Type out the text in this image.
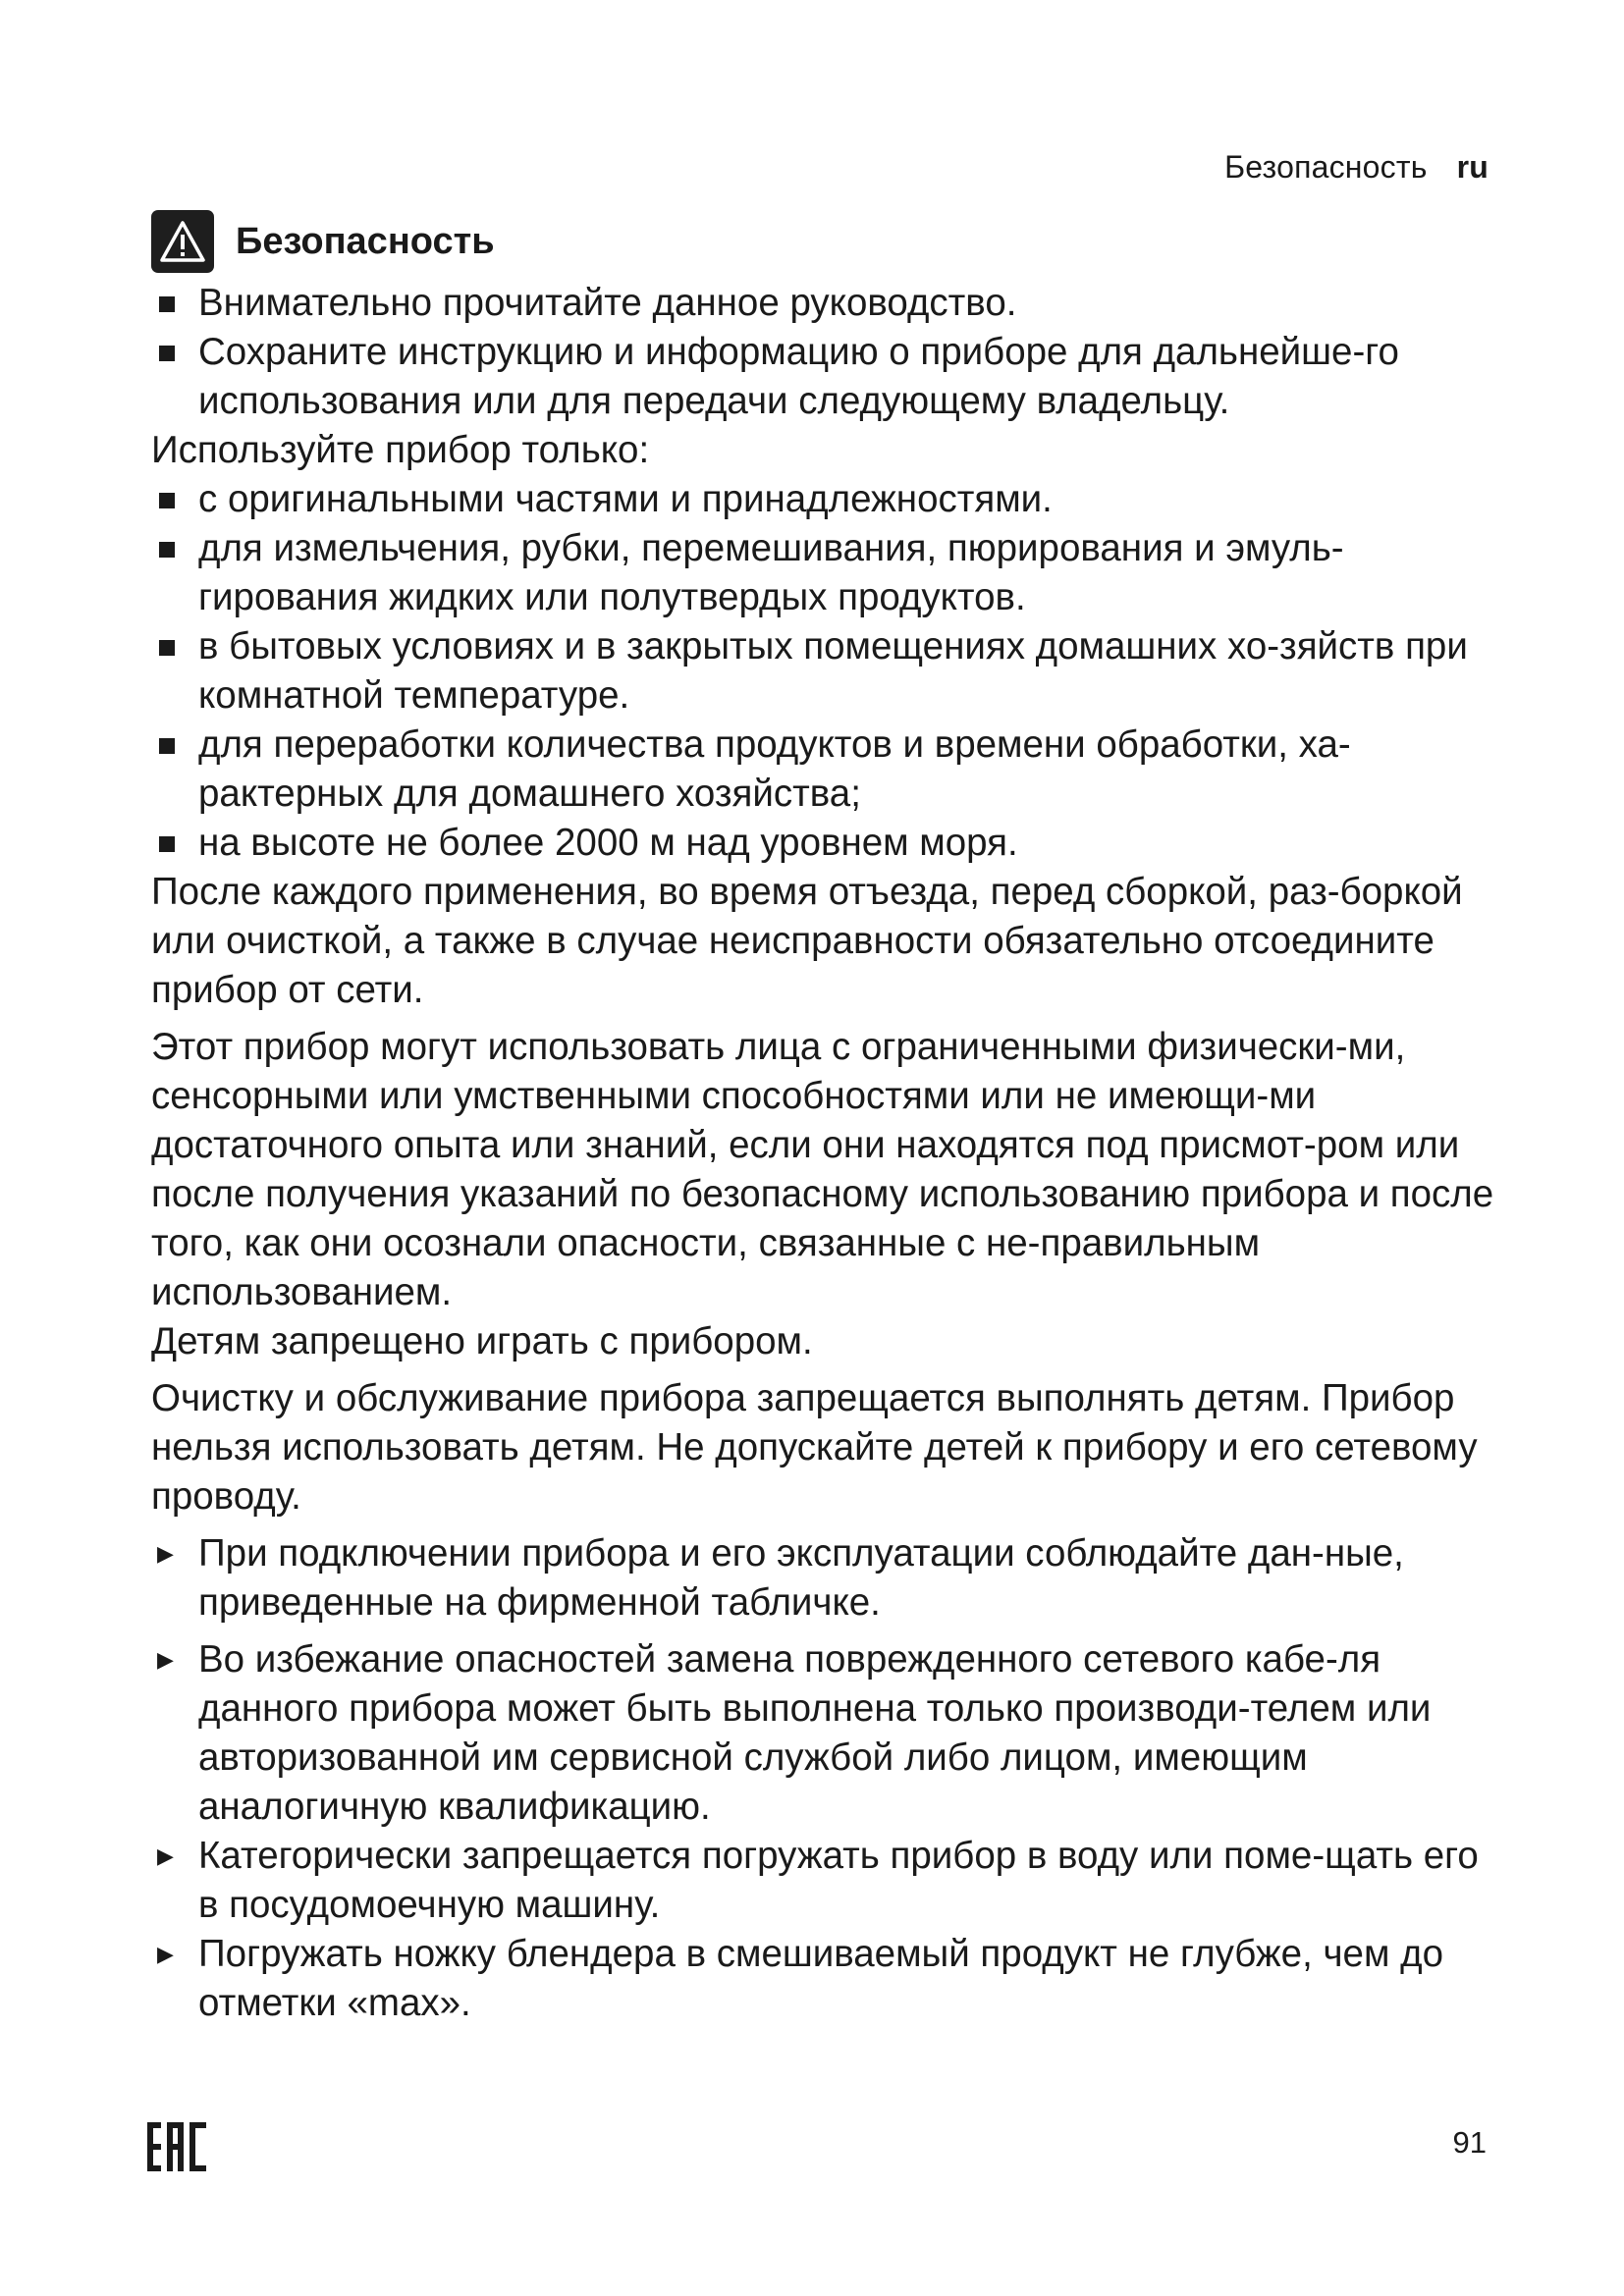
Безопасность ru
Безопасность
Внимательно прочитайте данное руководство.
Сохраните инструкцию и информацию о приборе для дальнейше-го использования или для передачи следующему владельцу.

Используйте прибор только:

с оригинальными частями и принадлежностями.
для измельчения, рубки, перемешивания, пюрирования и эмуль-гирования жидких или полутвердых продуктов.
в бытовых условиях и в закрытых помещениях домашних хо-зяйств при комнатной температуре.
для переработки количества продуктов и времени обработки, ха-рактерных для домашнего хозяйства;
на высоте не более 2000 м над уровнем моря.

После каждого применения, во время отъезда, перед сборкой, раз-боркой или очисткой, а также в случае неисправности обязательно отсоедините прибор от сети.

Этот прибор могут использовать лица с ограниченными физически-ми, сенсорными или умственными способностями или не имеющи-ми достаточного опыта или знаний, если они находятся под присмот-ром или после получения указаний по безопасному использованию прибора и после того, как они осознали опасности, связанные с не-правильным использованием.

Детям запрещено играть с прибором.

Очистку и обслуживание прибора запрещается выполнять детям. Прибор нельзя использовать детям. Не допускайте детей к прибору и его сетевому проводу.

▶ При подключении прибора и его эксплуатации соблюдайте дан-ные, приведенные на фирменной табличке.
▶ Во избежание опасностей замена поврежденного сетевого кабе-ля данного прибора может быть выполнена только производи-телем или авторизованной им сервисной службой либо лицом, имеющим аналогичную квалификацию.
▶ Категорически запрещается погружать прибор в воду или поме-щать его в посудомоечную машину.
▶ Погружать ножку блендера в смешиваемый продукт не глубже, чем до отметки «max».
91
